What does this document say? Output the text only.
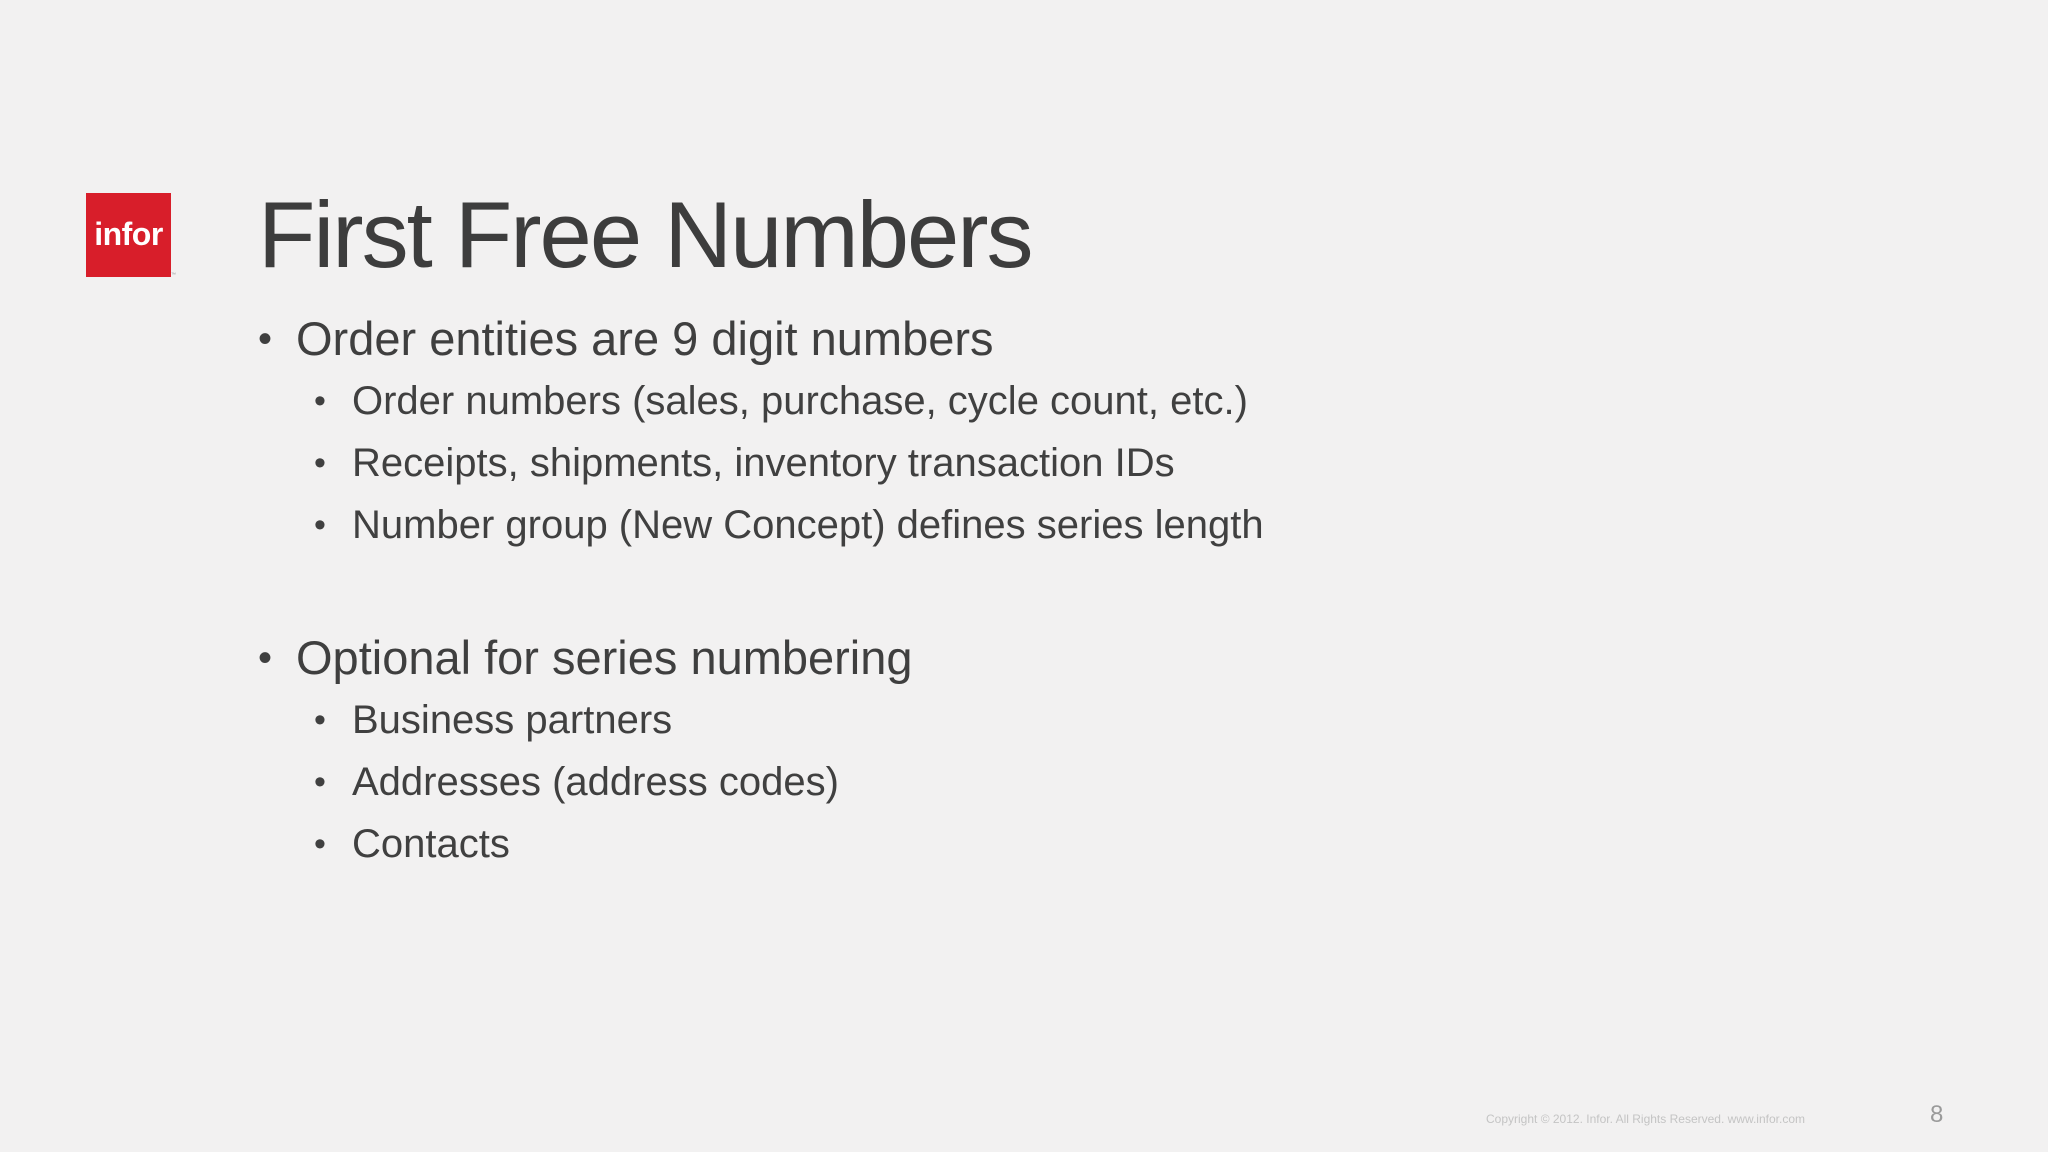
infor
™ First Free Numbers
• Order entities are 9 digit numbers
• Order numbers (sales, purchase, cycle count, etc.)
• Receipts, shipments, inventory transaction IDs
• Number group (New Concept) defines series length
• Optional for series numbering
• Business partners
• Addresses (address codes)
• Contacts
Copyright © 2012. Infor. All Rights Reserved. www.infor.com	8
